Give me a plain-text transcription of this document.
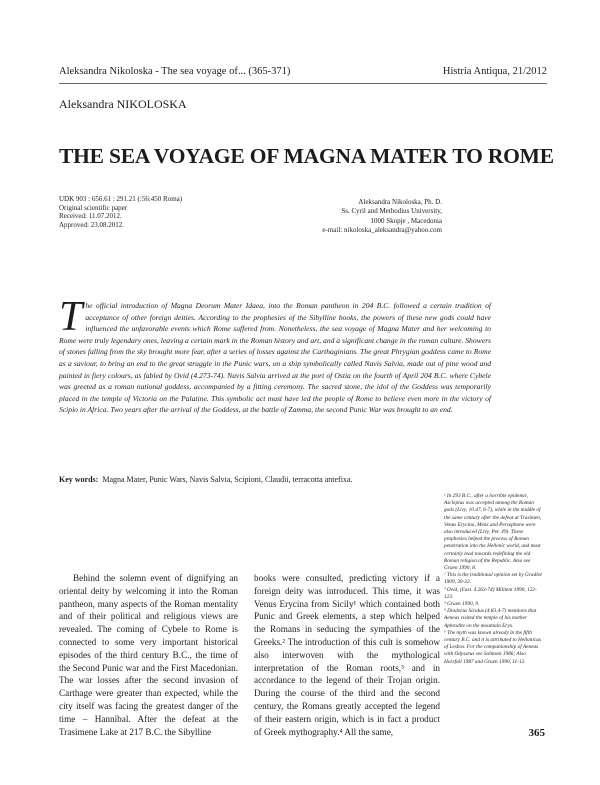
Aleksandra Nikoloska - The sea voyage of... (365-371)	Histria Antiqua, 21/2012
Aleksandra NIKOLOSKA
THE SEA VOYAGE OF MAGNA MATER TO ROME
UDK 903 : 656.61 : 291.21 (:56:450 Roma)
Original scientific paper
Received: 11.07.2012.
Approved: 23.08.2012.
Aleksandra Nikoloska, Ph. D.
Ss. Cyril and Methodius University,
1000 Skopje , Macedonia
e-mail: nikoloska_aleksandra@yahoo.com
The official introduction of Magna Deorum Mater Idaea, into the Roman pantheon in 204 B.C. followed a certain tradition of acceptance of other foreign deities. According to the prophesies of the Sibylline books, the powers of these new gods could have influenced the unfavorable events which Rome suffered from. Nonetheless, the sea voyage of Magna Mater and her welcoming to Rome were truly legendary ones, leaving a certain mark in the Roman history and art, and a significant change in the roman culture. Showers of stones falling from the sky brought more fear, after a series of losses against the Carthaginians. The great Phrygian goddess came to Rome as a saviour, to bring an end to the great struggle in the Punic wars, on a ship symbolically called Navis Salvia, made out of pine wood and painted in fiery colours, as fabled by Ovid (4.273-74). Navis Salvia arrived at the port of Ostia on the fourth of April 204 B.C. where Cybele was greeted as a roman national goddess, accompanied by a fitting ceremony. The sacred stone, the idol of the Goddess was temporarily placed in the temple of Victoria on the Palatine. This symbolic act must have led the people of Rome to believe even more in the victory of Scipio in Africa. Two years after the arrival of the Goddess, at the battle of Zamma, the second Punic War was brought to an end.
Key words: Magna Mater, Punic Wars, Navis Salvia, Scipioni, Claudii, terracotta antefixa.

¹ In 293 B.C., after a horrible epidemic, Asclepius was accepted among the Roman gods (Livy, 10.47, 6-7), while in the middle of the same century after the defeat at Trasimen, Venus Erycina, Mens and Persephone were also introduced (Livy, Per. 49). These prophesies helped the process of Roman penetration into the Hellenic world, and most certainly lead towards redefining the old Roman religion of the Republic. Also see Gruen 1990, 8.

² This is the traditional opinion set by Gradlot 1909, 30-32.

³ Ovid, (Fast. 4.263-74) Militeni 1990, 122-123.

⁴ Gruen 1990, 9.

⁵ Diodorus Siculus (4.83.4-7) mentions that Aeneas visited the temple of his mother Aphrodite on the mountain Eryx.

⁶ The myth was known already in the fifth century B.C. and it is attributed to Hellanicus of Lesbos. For the companionship of Aeneas with Odysseus see Solmsen 1986; Also Horsfall 1987 and Gruen 1990, 11-12.

Behind the solemn event of dignifying an oriental deity by welcoming it into the Roman pantheon, many aspects of the Roman mentality and of their political and religious views are revealed. The coming of Cybele to Rome is connected to some very important historical episodes of the third century B.C., the time of the Second Punic war and the First Macedonian. The war losses after the second invasion of Carthage were greater than expected, while the city itself was facing the greatest danger of the time – Hannibal. After the defeat at the Trasimene Lake at 217 B.C. the Sibylline

books were consulted, predicting victory if a foreign deity was introduced. This time, it was Venus Erycina from Sicily¹ which contained both Punic and Greek elements, a step which helped the Romans in seducing the sympathies of the Greeks.² The introduction of this cult is somehow also interwoven with the mythological interpretation of the Roman roots,³ and in accordance to the legend of their Trojan origin. During the course of the third and the second century, the Romans greatly accepted the legend of their eastern origin, which is in fact a product of Greek mythography.⁴ All the same,	365
